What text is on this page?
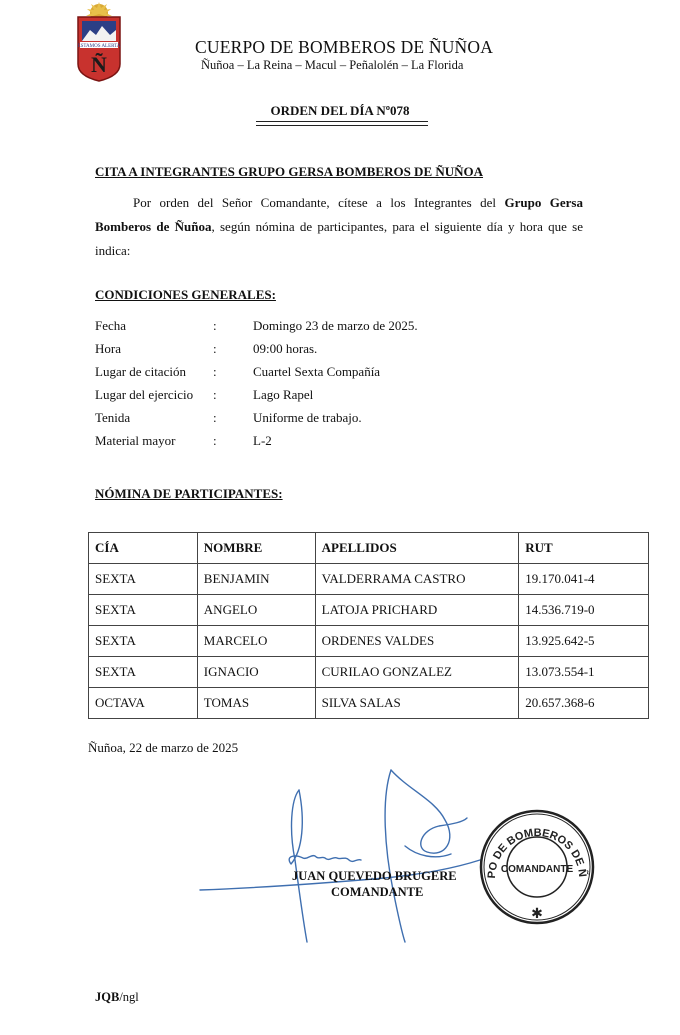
ESTAMOS ALERTA
Ñ
CUERPO DE BOMBEROS DE ÑUÑOA
Ñuñoa – La Reina – Macul – Peñalolén – La Florida
ORDEN DEL DÍA Nº078
CITA A INTEGRANTES GRUPO GERSA BOMBEROS DE ÑUÑOA
Por orden del Señor Comandante, cítese a los Integrantes del Grupo Gersa Bomberos de Ñuñoa, según nómina de participantes, para el siguiente día y hora que se indica:
CONDICIONES GENERALES:
Fecha	:	Domingo 23 de marzo de 2025.
Hora	:	09:00 horas.
Lugar de citación :	Cuartel Sexta Compañía
Lugar del ejercicio :	Lago Rapel
Tenida	:	Uniforme de trabajo.
Material mayor	:	L-2
NÓMINA DE PARTICIPANTES:
CÍA	NOMBRE	APELLIDOS	RUT
SEXTA	BENJAMIN	VALDERRAMA CASTRO	19.170.041-4
SEXTA	ANGELO	LATOJA PRICHARD	14.536.719-0
SEXTA	MARCELO	ORDENES VALDES	13.925.642-5
SEXTA	IGNACIO	CURILAO GONZALEZ	13.073.554-1
OCTAVA	TOMAS	SILVA SALAS	20.657.368-6
Ñuñoa, 22 de marzo de 2025
JUAN QUEVEDO BRUGERE
COMANDANTE
PO DE BOMBEROS DE Ñ
COMANDANTE
✱
JQB/ngl
